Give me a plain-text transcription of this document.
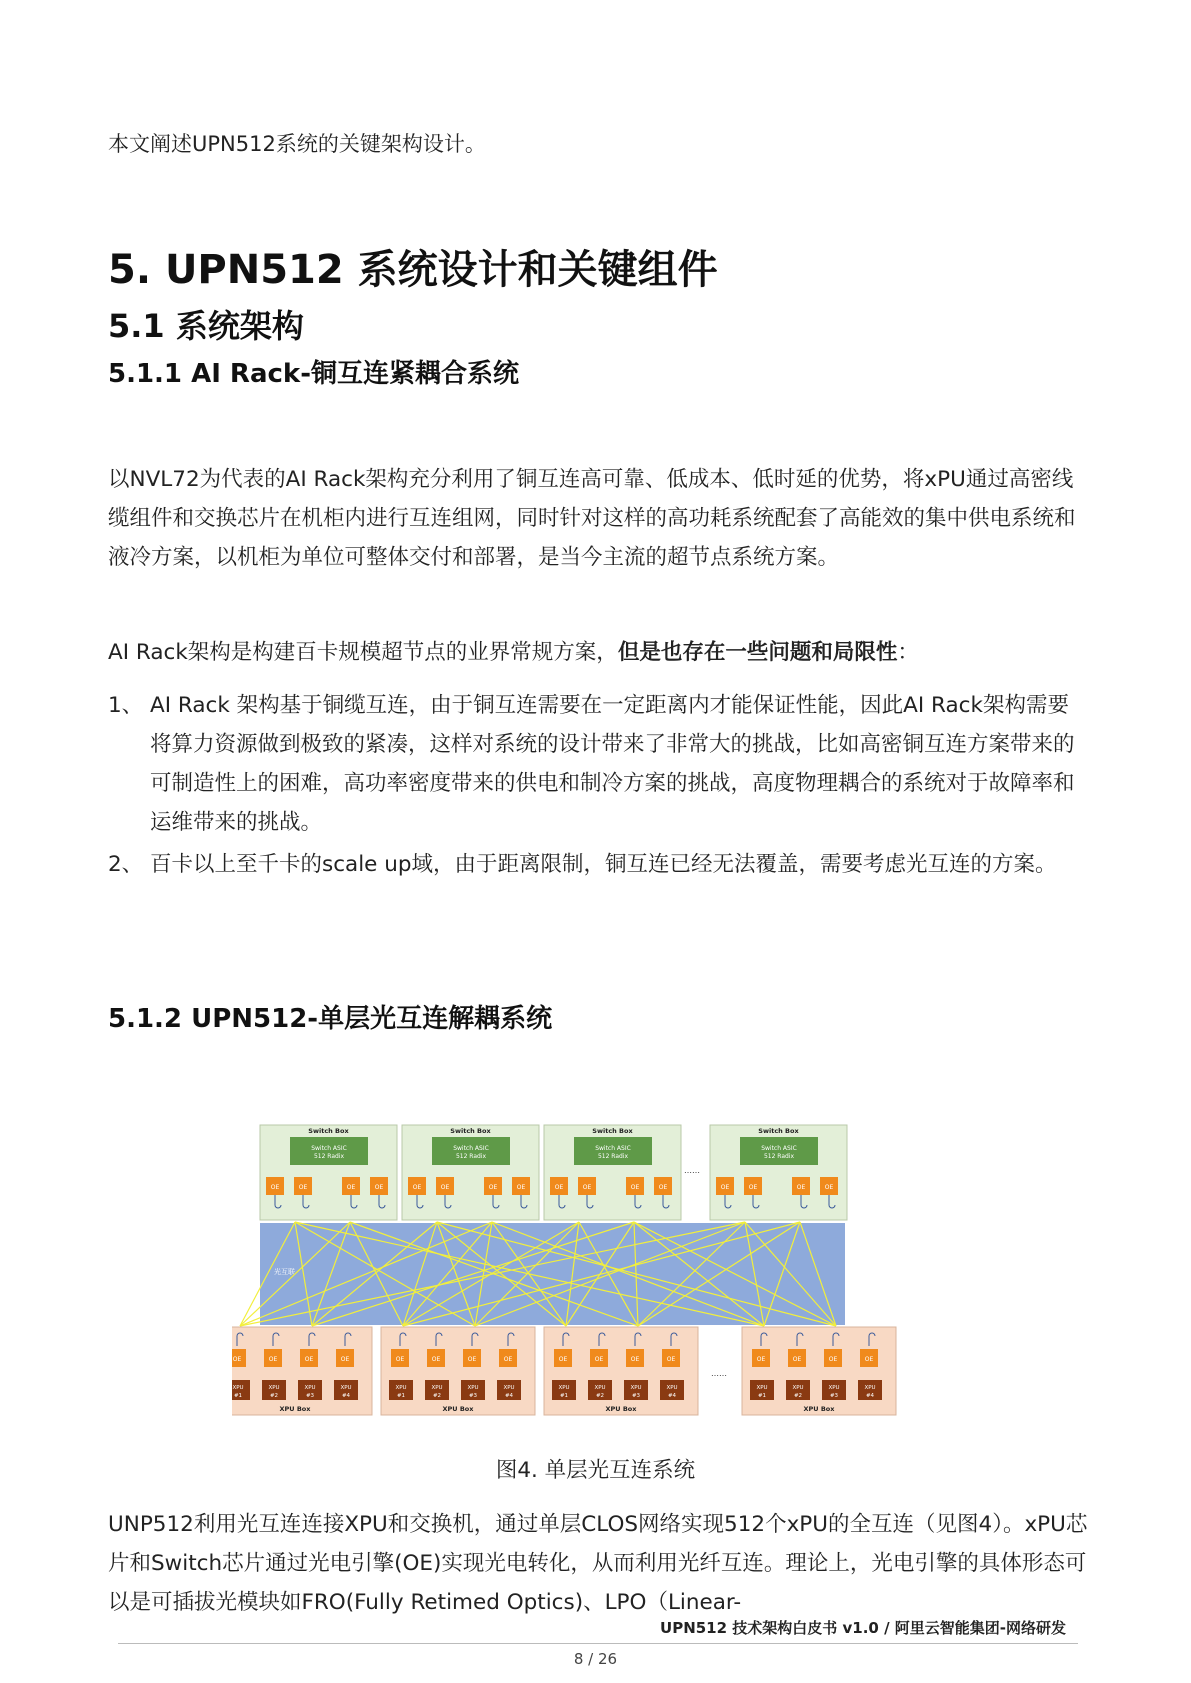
本文阐述UPN512系统的关键架构设计。
5. UPN512 系统设计和关键组件
5.1 系统架构
5.1.1 AI Rack-铜互连紧耦合系统
以NVL72为代表的AI Rack架构充分利用了铜互连高可靠、低成本、低时延的优势，将xPU通过高密线缆组件和交换芯片在机柜内进行互连组网，同时针对这样的高功耗系统配套了高能效的集中供电系统和液冷方案，以机柜为单位可整体交付和部署，是当今主流的超节点系统方案。
AI Rack架构是构建百卡规模超节点的业界常规方案，但是也存在一些问题和局限性：
1、 AI Rack 架构基于铜缆互连，由于铜互连需要在一定距离内才能保证性能，因此AI Rack架构需要将算力资源做到极致的紧凑，这样对系统的设计带来了非常大的挑战，比如高密铜互连方案带来的可制造性上的困难，高功率密度带来的供电和制冷方案的挑战，高度物理耦合的系统对于故障率和运维带来的挑战。
2、 百卡以上至千卡的scale up域，由于距离限制，铜互连已经无法覆盖，需要考虑光互连的方案。
5.1.2 UPN512-单层光互连解耦系统
光互联
Switch Box
Switch ASIC
512 Radix
OE	OE	OE	OE
Switch Box
Switch ASIC
512 Radix
OE	OE	OE	OE
Switch Box
Switch ASIC
512 Radix
OE	OE	OE	OE
Switch Box
Switch ASIC
512 Radix
OE	OE	OE	OE
……
OE
XPU
#1
OE
XPU
#2
OE
XPU
#3
OE
XPU
#4
XPU Box
OE
XPU
#1
OE
XPU
#2
OE
XPU
#3
OE
XPU
#4
XPU Box
OE
XPU
#1
OE
XPU
#2
OE
XPU
#3
OE
XPU
#4
XPU Box
OE
XPU
#1
OE
XPU
#2
OE
XPU
#3
OE
XPU
#4
XPU Box
……
图4. 单层光互连系统
UNP512利用光互连连接XPU和交换机，通过单层CLOS网络实现512个xPU的全互连（见图4）。xPU芯片和Switch芯片通过光电引擎(OE)实现光电转化，从而利用光纤互连。理论上，光电引擎的具体形态可以是可插拔光模块如FRO(Fully Retimed Optics)、LPO（Linear-
UPN512 技术架构白皮书 v1.0 / 阿里云智能集团-网络研发
8 / 26
